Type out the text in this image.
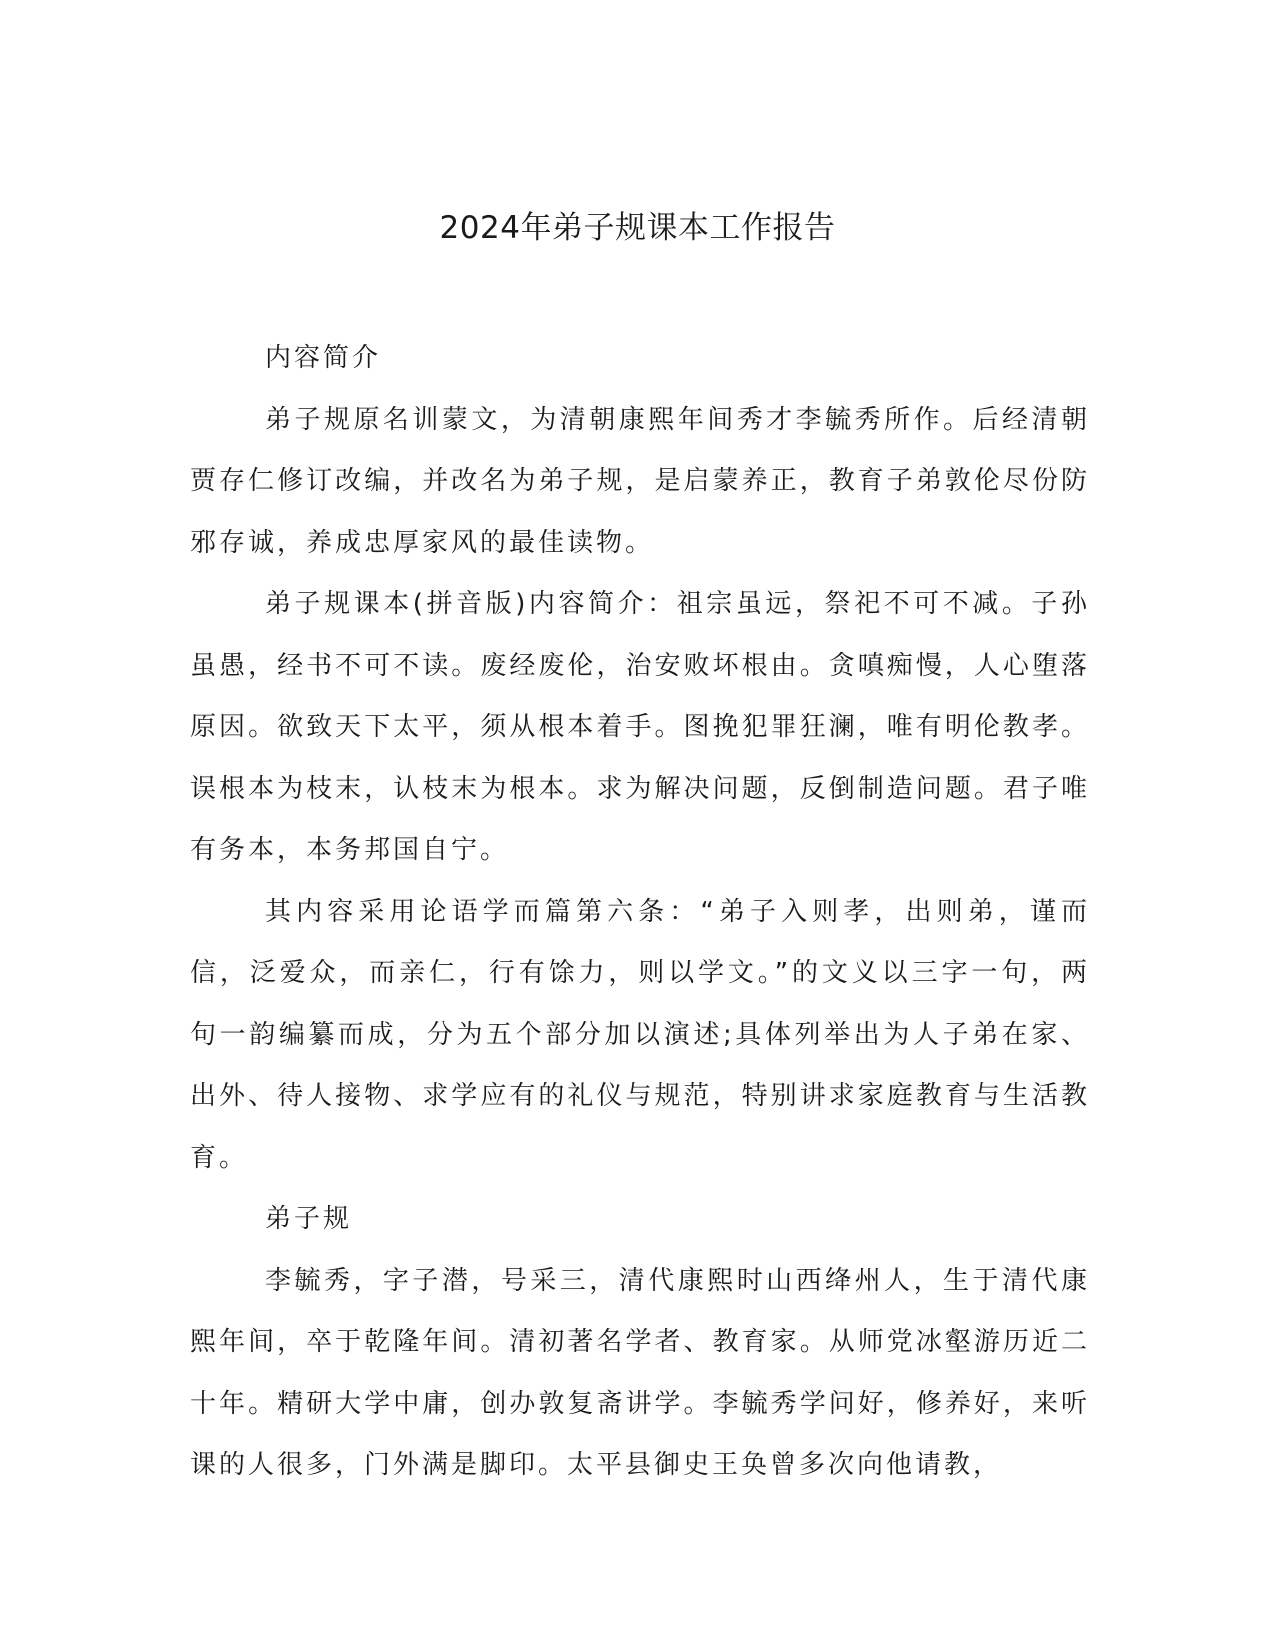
2024年弟子规课本工作报告

内容简介

弟子规原名训蒙文，为清朝康熙年间秀才李毓秀所作。后经清朝贾存仁修订改编，并改名为弟子规，是启蒙养正，教育子弟敦伦尽份防邪存诚，养成忠厚家风的最佳读物。

弟子规课本(拼音版)内容简介：祖宗虽远，祭祀不可不减。子孙虽愚，经书不可不读。废经废伦，治安败坏根由。贪嗔痴慢，人心堕落原因。欲致天下太平，须从根本着手。图挽犯罪狂澜，唯有明伦教孝。误根本为枝末，认枝末为根本。求为解决问题，反倒制造问题。君子唯有务本，本务邦国自宁。

其内容采用论语学而篇第六条：“弟子入则孝，出则弟，谨而信，泛爱众，而亲仁，行有馀力，则以学文。”的文义以三字一句，两句一韵编纂而成，分为五个部分加以演述;具体列举出为人子弟在家、出外、待人接物、求学应有的礼仪与规范，特别讲求家庭教育与生活教育。

弟子规

李毓秀，字子潜，号采三，清代康熙时山西绛州人，生于清代康熙年间，卒于乾隆年间。清初著名学者、教育家。从师党冰壑游历近二十年。精研大学中庸，创办敦复斋讲学。李毓秀学问好，修养好，来听课的人很多，门外满是脚印。太平县御史王奂曾多次向他请教，
